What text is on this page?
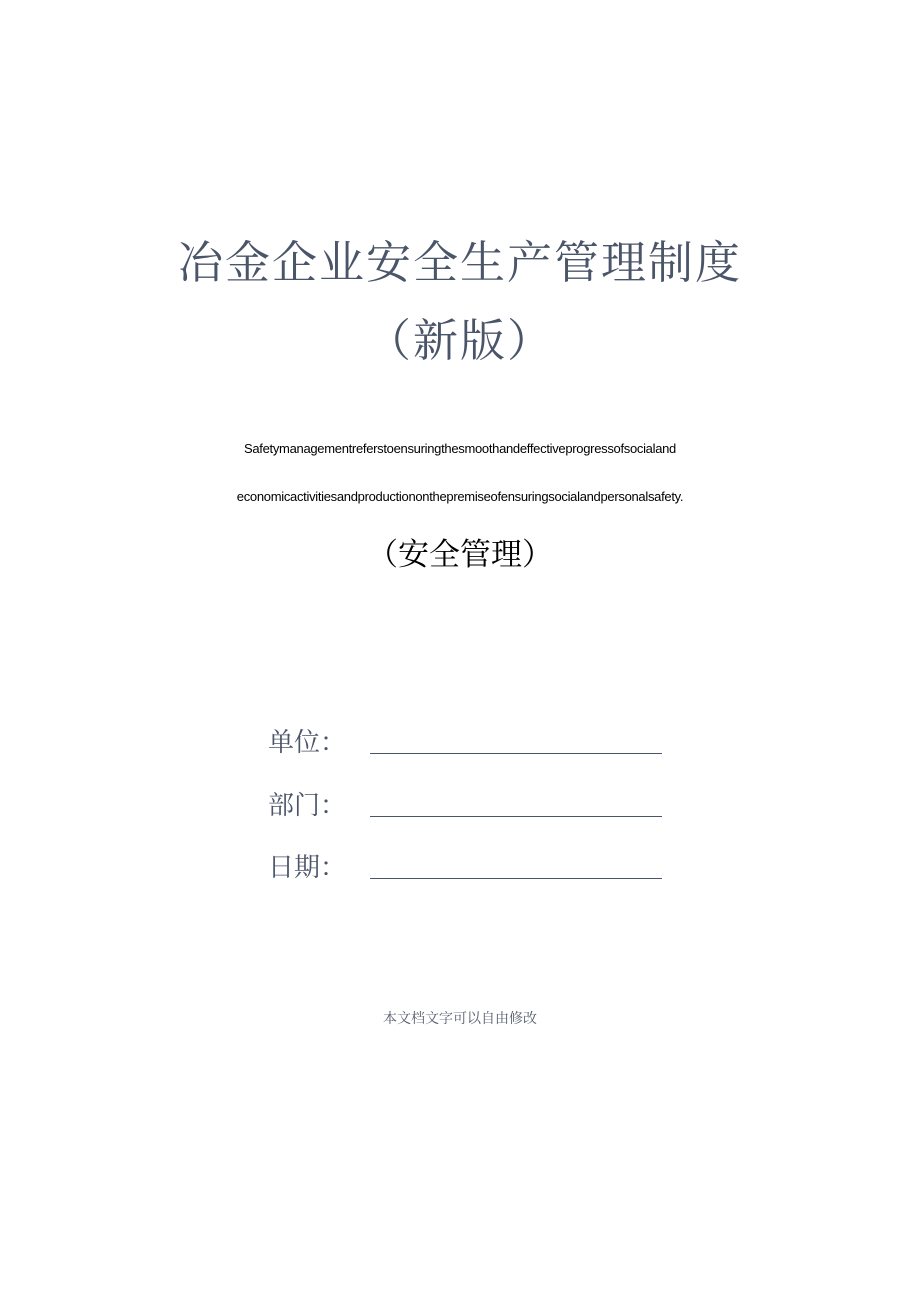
冶金企业安全生产管理制度
（新版）
Safetymanagementreferstoensuringthesmoothandeffectiveprogressofsocialand
economicactivitiesandproductiononthepremiseofensuringsocialandpersonalsafety.
（安全管理）
单位：
部门：
日期：
本文档文字可以自由修改
